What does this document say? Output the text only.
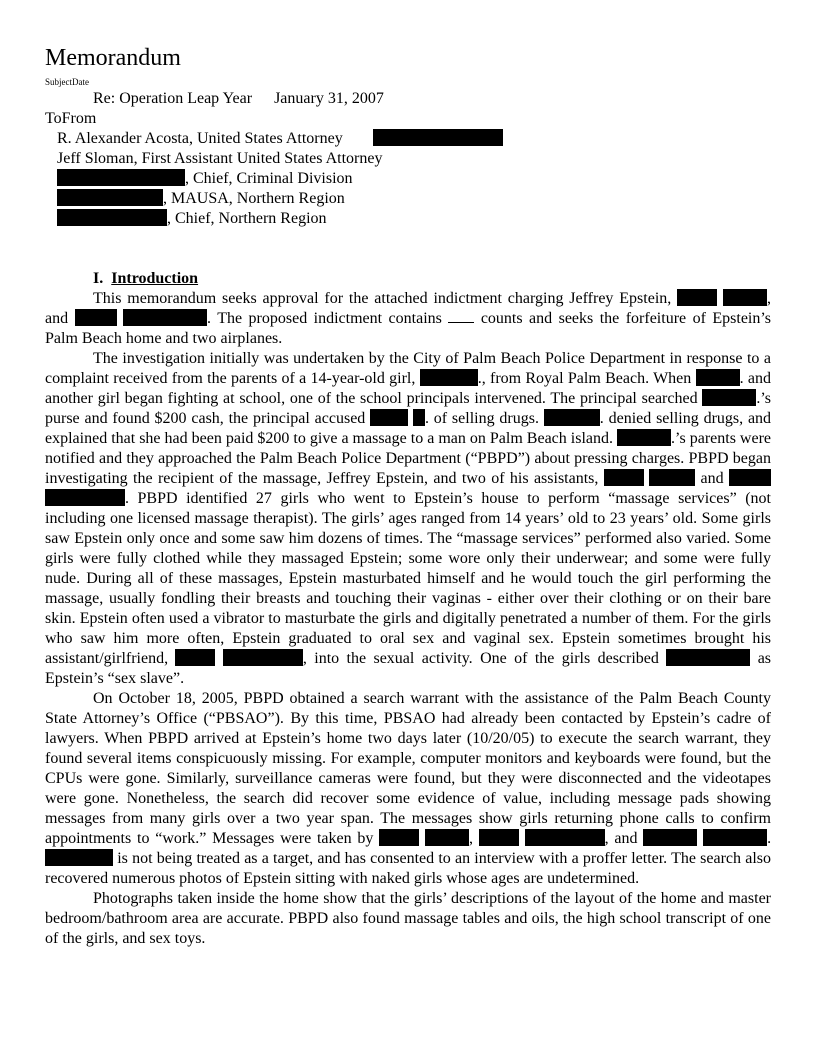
Memorandum
SubjectDate
Re: Operation Leap Year January 31, 2007
ToFrom
R. Alexander Acosta, United States Attorney
Jeff Sloman, First Assistant United States Attorney
, Chief, Criminal Division
, MAUSA, Northern Region
, Chief, Northern Region
I. Introduction

This memorandum seeks approval for the attached indictment charging Jeffrey Epstein,	, and	. The proposed indictment contains counts and seeks the forfeiture of Epstein’s Palm Beach home and two airplanes.

The investigation initially was undertaken by the City of Palm Beach Police Department in response to a complaint received from the parents of a 14-year-old girl,	., from Royal Palm Beach. When	. and another girl began fighting at school, one of the school principals intervened. The principal searched	.’s purse and found $200 cash, the principal accused	. of selling drugs.	. denied selling drugs, and explained that she had been paid $200 to give a massage to a man on Palm Beach island.	.’s parents were notified and they approached the Palm Beach Police Department (“PBPD”) about pressing charges. PBPD began investigating the recipient of the massage, Jeffrey Epstein, and two of his assistants,	and  . PBPD identified 27 girls who went to Epstein’s house to perform “massage services” (not including one licensed massage therapist). The girls’ ages ranged from 14 years’ old to 23 years’ old. Some girls saw Epstein only once and some saw him dozens of times. The “massage services” performed also varied. Some girls were fully clothed while they massaged Epstein; some wore only their underwear; and some were fully nude. During all of these massages, Epstein masturbated himself and he would touch the girl performing the massage, usually fondling their breasts and touching their vaginas - either over their clothing or on their bare skin. Epstein often used a vibrator to masturbate the girls and digitally penetrated a number of them. For the girls who saw him more often, Epstein graduated to oral sex and vaginal sex. Epstein sometimes brought his assistant/girlfriend,	, into the sexual activity. One of the girls described	as Epstein’s “sex slave”.

On October 18, 2005, PBPD obtained a search warrant with the assistance of the Palm Beach County State Attorney’s Office (“PBSAO”). By this time, PBSAO had already been contacted by Epstein’s cadre of lawyers. When PBPD arrived at Epstein’s home two days later (10/20/05) to execute the search warrant, they found several items conspicuously missing. For example, computer monitors and keyboards were found, but the CPUs were gone. Similarly, surveillance cameras were found, but they were disconnected and the videotapes were gone. Nonetheless, the search did recover some evidence of value, including message pads showing messages from many girls over a two year span. The messages show girls returning phone calls to confirm appointments to “work.” Messages were taken by	,	, and	.  is not being treated as a target, and has consented to an interview with a proffer letter. The search also recovered numerous photos of Epstein sitting with naked girls whose ages are undetermined.

Photographs taken inside the home show that the girls’ descriptions of the layout of the home and master bedroom/bathroom area are accurate. PBPD also found massage tables and oils, the high school transcript of one of the girls, and sex toys.
